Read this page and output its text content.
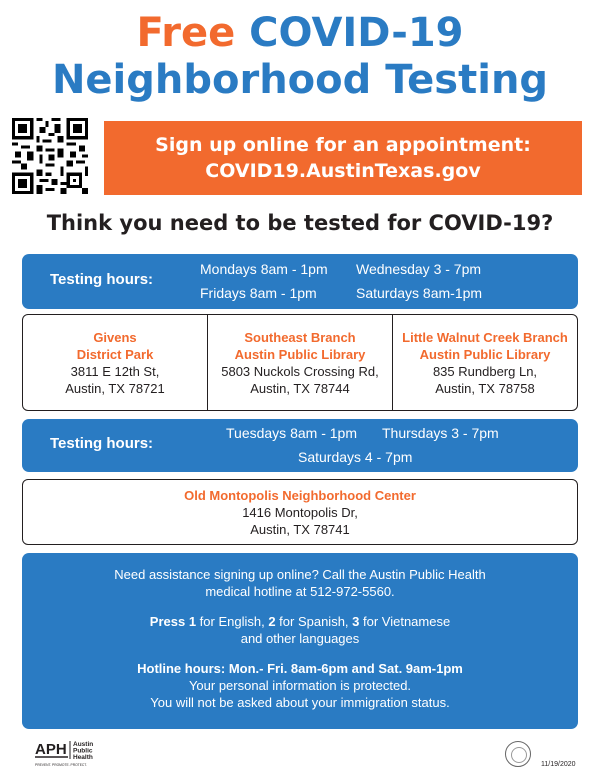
Free COVID-19
Neighborhood Testing
Sign up online for an appointment:
COVID19.AustinTexas.gov
Think you need to be tested for COVID-19?
Testing hours:
Mondays 8am - 1pm Wednesday 3 - 7pm
Fridays 8am - 1pm	Saturdays 8am-1pm
Givens
District Park
3811 E 12th St,
Austin, TX 78721
Southeast Branch
Austin Public Library
5803 Nuckols Crossing Rd,
Austin, TX 78744
Little Walnut Creek Branch
Austin Public Library
835 Rundberg Ln,
Austin, TX 78758
Testing hours:
Tuesdays 8am - 1pm Thursdays 3 - 7pm
Saturdays 4 - 7pm
Old Montopolis Neighborhood Center
1416 Montopolis Dr,
Austin, TX 78741

Need assistance signing up online? Call the Austin Public Health
medical hotline at 512-972-5560.

Press 1 for English, 2 for Spanish, 3 for Vietnamese
and other languages

Hotline hours: Mon.- Fri. 8am-6pm and Sat. 9am-1pm
Your personal information is protected.
You will not be asked about your immigration status.

APH Austin
Public
Health
PREVENT. PROMOTE. PROTECT.	11/19/2020
